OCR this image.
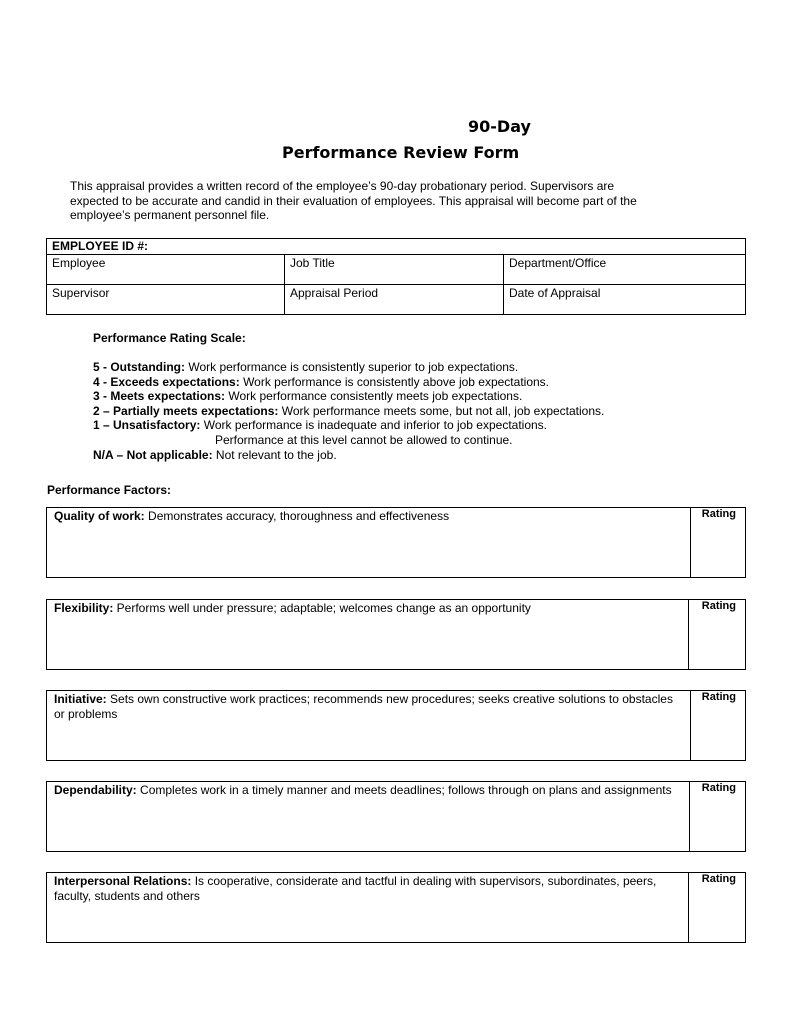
90-Day
Performance Review Form
This appraisal provides a written record of the employee’s 90-day probationary period. Supervisors are
expected to be accurate and candid in their evaluation of employees. This appraisal will become part of the
employee’s permanent personnel file.
EMPLOYEE ID #:		
Employee	Job Title	Department/Office
Supervisor	Appraisal Period	Date of Appraisal
Performance Rating Scale:
5 - Outstanding: Work performance is consistently superior to job expectations.
4 - Exceeds expectations: Work performance is consistently above job expectations.
3 - Meets expectations: Work performance consistently meets job expectations.
2 – Partially meets expectations: Work performance meets some, but not all, job expectations.
1 – Unsatisfactory: Work performance is inadequate and inferior to job expectations.
Performance at this level cannot be allowed to continue.
N/A – Not applicable: Not relevant to the job.
Performance Factors:
Quality of work: Demonstrates accuracy, thoroughness and effectiveness	Rating
Flexibility: Performs well under pressure; adaptable; welcomes change as an opportunity	Rating
Initiative: Sets own constructive work practices; recommends new procedures; seeks creative solutions to obstacles or problems
Rating
Dependability: Completes work in a timely manner and meets deadlines; follows through on plans and assignments	Rating
Interpersonal Relations: Is cooperative, considerate and tactful in dealing with supervisors, subordinates, peers, faculty, students and others
Rating
